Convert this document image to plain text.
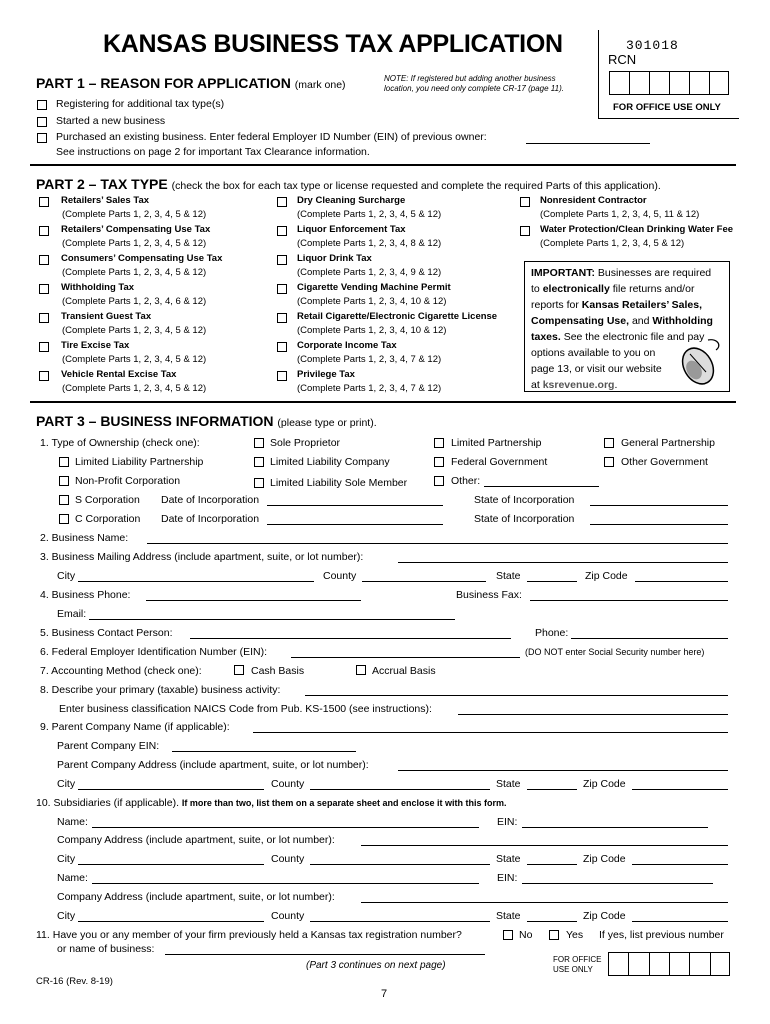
KANSAS BUSINESS TAX APPLICATION	301018
RCN
FOR OFFICE USE ONLY
PART 1 – REASON FOR APPLICATION (mark one)
NOTE: If registered but adding another business
location, you need only complete CR-17 (page 11).
Registering for additional tax type(s)
Started a new business
Purchased an existing business. Enter federal Employer ID Number (EIN) of previous owner:
See instructions on page 2 for important Tax Clearance information.
PART 2 – TAX TYPE (check the box for each tax type or license requested and complete the required Parts of this application).
Retailers’ Sales Tax
(Complete Parts 1, 2, 3, 4, 5 & 12)
Retailers’ Compensating Use Tax
(Complete Parts 1, 2, 3, 4, 5 & 12)
Consumers’ Compensating Use Tax
(Complete Parts 1, 2, 3, 4, 5 & 12)
Withholding Tax
(Complete Parts 1, 2, 3, 4, 6 & 12)
Transient Guest Tax
(Complete Parts 1, 2, 3, 4, 5 & 12)
Tire Excise Tax
(Complete Parts 1, 2, 3, 4, 5 & 12)
Vehicle Rental Excise Tax
(Complete Parts 1, 2, 3, 4, 5 & 12)
Dry Cleaning Surcharge
(Complete Parts 1, 2, 3, 4, 5 & 12)
Liquor Enforcement Tax
(Complete Parts 1, 2, 3, 4, 8 & 12)
Liquor Drink Tax
(Complete Parts 1, 2, 3, 4, 9 & 12)
Cigarette Vending Machine Permit
(Complete Parts 1, 2, 3, 4, 10 & 12)
Retail Cigarette/Electronic Cigarette License
(Complete Parts 1, 2, 3, 4, 10 & 12)
Corporate Income Tax
(Complete Parts 1, 2, 3, 4, 7 & 12)
Privilege Tax
(Complete Parts 1, 2, 3, 4, 7 & 12)
Nonresident Contractor
(Complete Parts 1, 2, 3, 4, 5, 11 & 12)
Water Protection/Clean Drinking Water Fee
(Complete Parts 1, 2, 3, 4, 5 & 12)
IMPORTANT: Businesses are required
to electronically file returns and/or
reports for Kansas Retailers’ Sales,
Compensating Use, and Withholding
taxes. See the electronic file and pay
options available to you on
page 13, or visit our website
at ksrevenue.org.
PART 3 – BUSINESS INFORMATION (please type or print).
1. Type of Ownership (check one):	Sole Proprietor	Limited Partnership	General Partnership
Limited Liability Partnership	Limited Liability Company	Federal Government	Other Government
Non-Profit Corporation	Limited Liability Sole Member	Other:
S Corporation Date of Incorporation	State of Incorporation
C Corporation Date of Incorporation	State of Incorporation
2. Business Name:
3. Business Mailing Address (include apartment, suite, or lot number):
City	County	State	Zip Code
4. Business Phone:	Business Fax:
Email:
5. Business Contact Person:	Phone:
6. Federal Employer Identification Number (EIN):	(DO NOT enter Social Security number here)
7. Accounting Method (check one):	Cash Basis	Accrual Basis
8. Describe your primary (taxable) business activity:
Enter business classification NAICS Code from Pub. KS-1500 (see instructions):
9. Parent Company Name (if applicable):
Parent Company EIN:
Parent Company Address (include apartment, suite, or lot number):
City	County	State	Zip Code
10. Subsidiaries (if applicable). If more than two, list them on a separate sheet and enclose it with this form.
Name:	EIN:
Company Address (include apartment, suite, or lot number):
City	County	State	Zip Code
Name:	EIN:
Company Address (include apartment, suite, or lot number):
City	County	State	Zip Code
11. Have you or any member of your firm previously held a Kansas tax registration number?	No	Yes If yes, list previous number
or name of business:
(Part 3 continues on next page)
FOR OFFICE
USE ONLY
CR-16 (Rev. 8-19)
7
